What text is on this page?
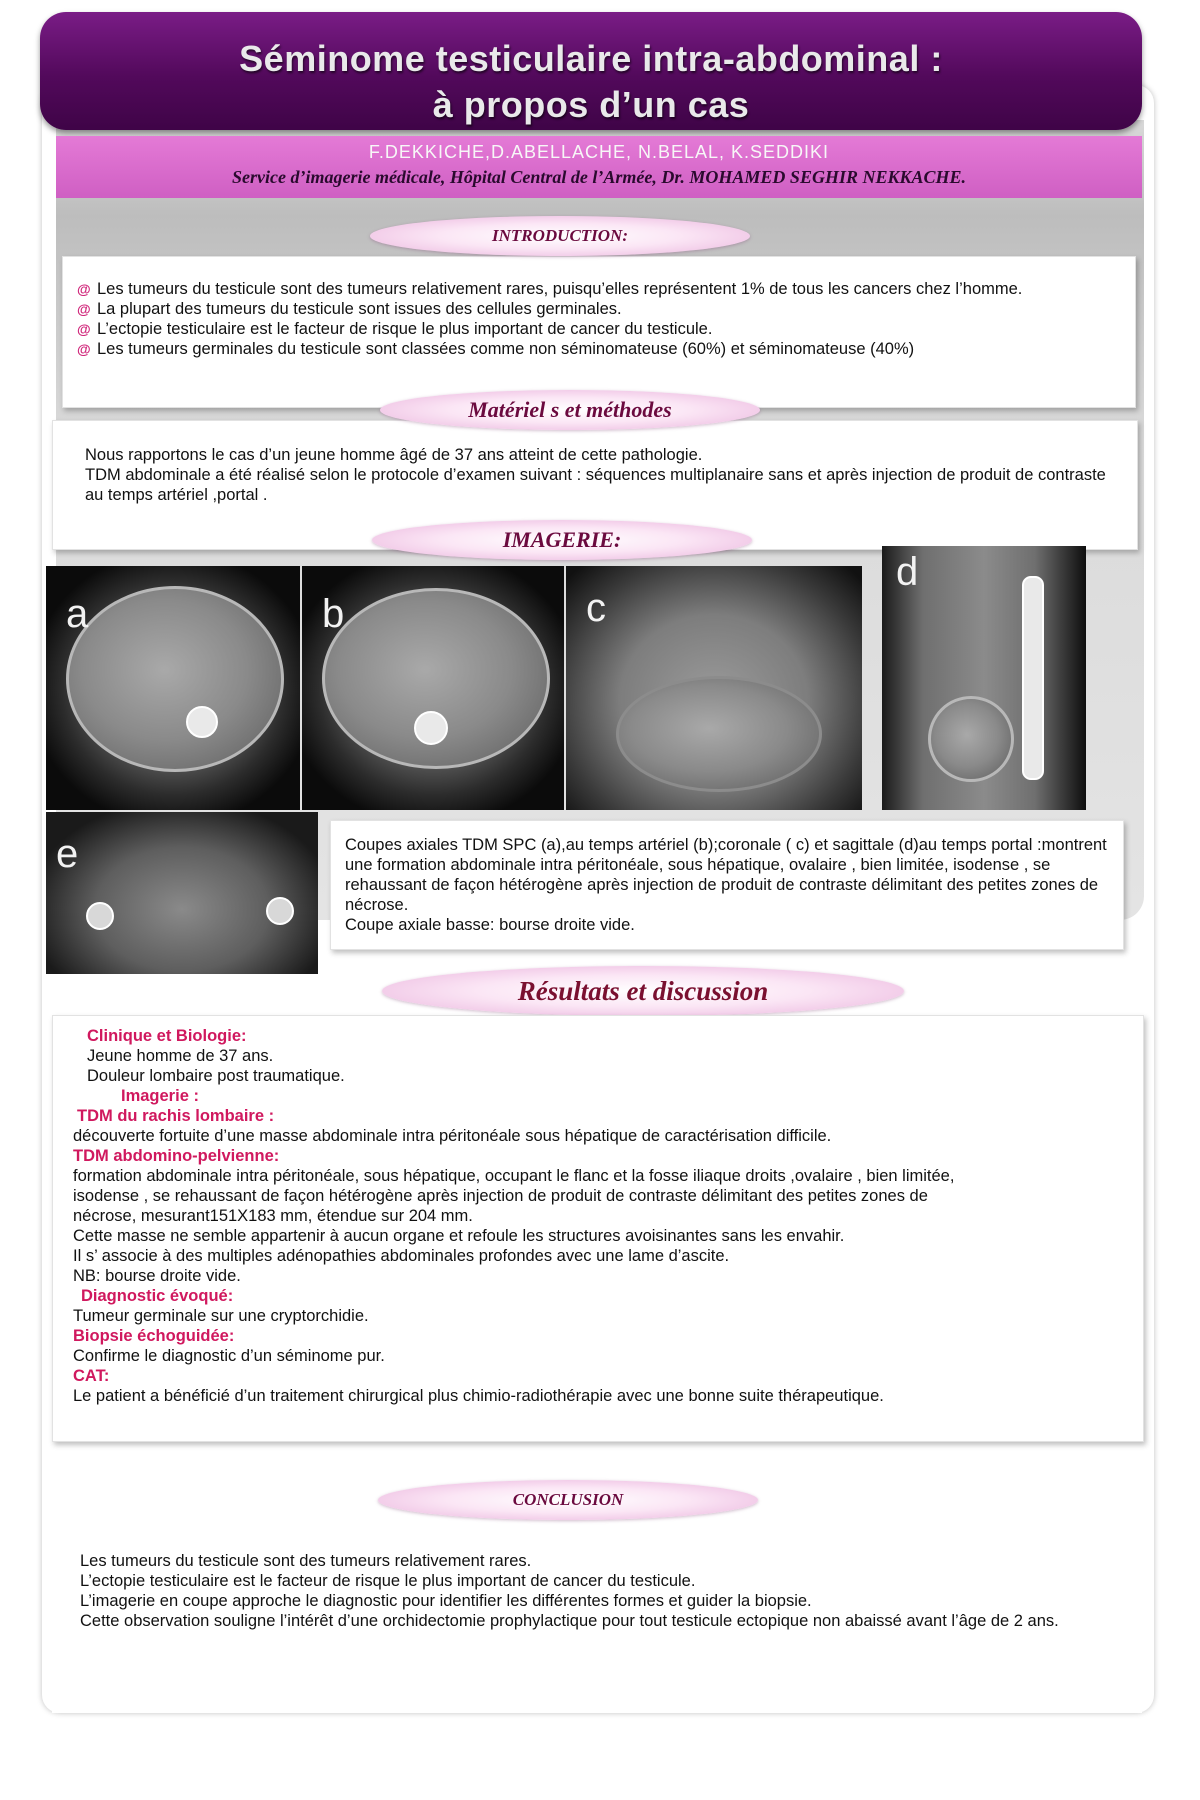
Séminome testiculaire intra-abdominal :
à propos d’un cas
F.DEKKICHE,D.ABELLACHE, N.BELAL, K.SEDDIKI
Service d’imagerie médicale, Hôpital Central de l’Armée, Dr. MOHAMED SEGHIR NEKKACHE.
@ Les tumeurs du testicule sont des tumeurs relativement rares, puisqu’elles représentent 1% de tous les cancers chez l’homme.
@ La plupart des tumeurs du testicule sont issues des cellules germinales.
@ L’ectopie testiculaire est le facteur de risque le plus important de cancer du testicule.
@ Les tumeurs germinales du testicule sont classées comme non séminomateuse (60%) et séminomateuse (40%)
INTRODUCTION:

Nous rapportons le cas d’un jeune homme âgé de 37 ans atteint de cette pathologie.
TDM abdominale a été réalisé selon le protocole d’examen suivant : séquences multiplanaire sans et après injection de produit de contraste au temps artériel ,portal .

Matériel s et méthodes
IMAGERIE:
a	b	c
d
e	Coupes axiales TDM SPC (a),au temps artériel (b);coronale ( c) et sagittale (d)au temps portal :montrent une formation abdominale intra péritonéale, sous hépatique, ovalaire , bien limitée, isodense , se rehaussant de façon hétérogène après injection de produit de contraste délimitant des petites zones de nécrose.
Coupe axiale basse: bourse droite vide.

Résultats et discussion
Clinique et Biologie:
Jeune homme de 37 ans.
Douleur lombaire post traumatique.
Imagerie :
TDM du rachis lombaire :
découverte fortuite d’une masse abdominale intra péritonéale sous hépatique de caractérisation difficile.
TDM abdomino-pelvienne:
formation abdominale intra péritonéale, sous hépatique, occupant le flanc et la fosse iliaque droits ,ovalaire , bien limitée,
isodense , se rehaussant de façon hétérogène après injection de produit de contraste délimitant des petites zones de
nécrose, mesurant151X183 mm, étendue sur 204 mm.
Cette masse ne semble appartenir à aucun organe et refoule les structures avoisinantes sans les envahir.
Il s’ associe à des multiples adénopathies abdominales profondes avec une lame d’ascite.
NB: bourse droite vide.
Diagnostic évoqué:
Tumeur germinale sur une cryptorchidie.
Biopsie échoguidée:
Confirme le diagnostic d’un séminome pur.
CAT:
Le patient a bénéficié d’un traitement chirurgical plus chimio-radiothérapie avec une bonne suite thérapeutique.
CONCLUSION

Les tumeurs du testicule sont des tumeurs relativement rares.
L’ectopie testiculaire est le facteur de risque le plus important de cancer du testicule.
L’imagerie en coupe approche le diagnostic pour identifier les différentes formes et guider la biopsie.
Cette observation souligne l’intérêt d’une orchidectomie prophylactique pour tout testicule ectopique non abaissé avant l’âge de 2 ans.
